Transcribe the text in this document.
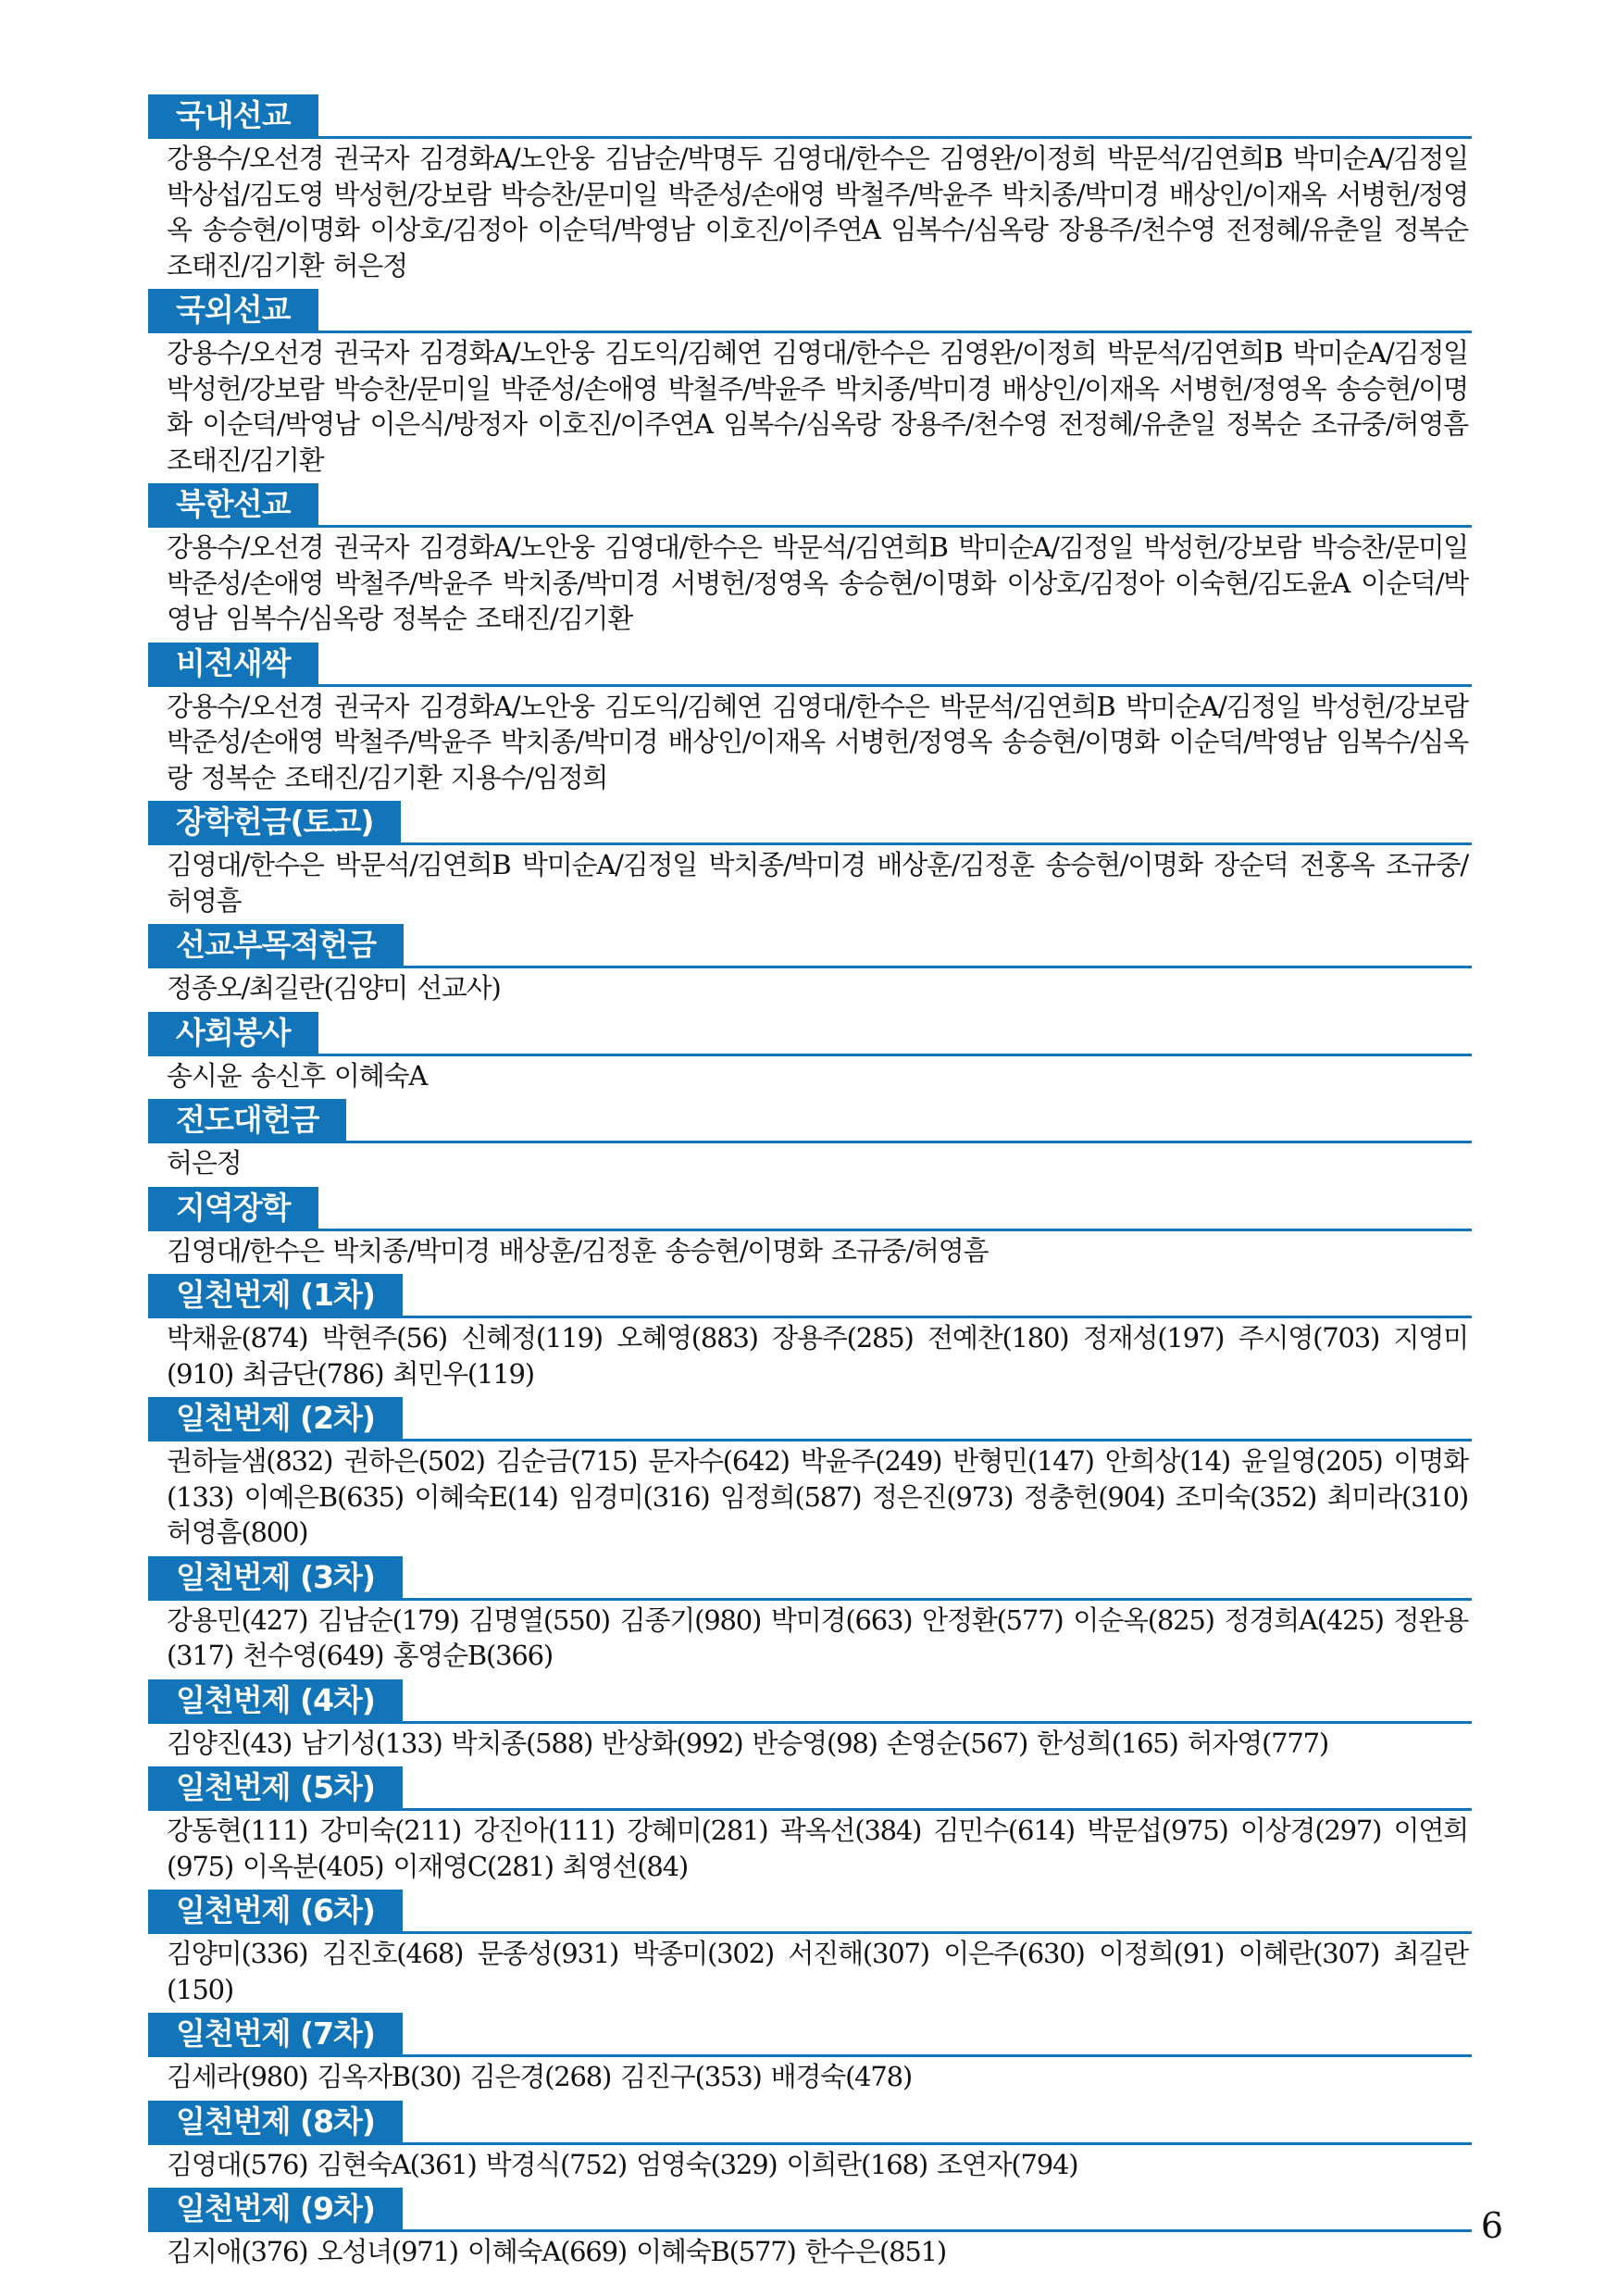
국내선교
강용수/오선경 권국자 김경화A/노안웅 김남순/박명두 김영대/한수은 김영완/이정희 박문석/김연희B 박미순A/김정일 박상섭/김도영 박성헌/강보람 박승찬/문미일 박준성/손애영 박철주/박윤주 박치종/박미경 배상인/이재옥 서병헌/정영옥 송승현/이명화 이상호/김정아 이순덕/박영남 이호진/이주연A 임복수/심옥랑 장용주/천수영 전정혜/유춘일 정복순 조태진/김기환 허은정
국외선교
강용수/오선경 권국자 김경화A/노안웅 김도익/김혜연 김영대/한수은 김영완/이정희 박문석/김연희B 박미순A/김정일 박성헌/강보람 박승찬/문미일 박준성/손애영 박철주/박윤주 박치종/박미경 배상인/이재옥 서병헌/정영옥 송승현/이명화 이순덕/박영남 이은식/방정자 이호진/이주연A 임복수/심옥랑 장용주/천수영 전정혜/유춘일 정복순 조규중/허영흠 조태진/김기환
북한선교
강용수/오선경 권국자 김경화A/노안웅 김영대/한수은 박문석/김연희B 박미순A/김정일 박성헌/강보람 박승찬/문미일 박준성/손애영 박철주/박윤주 박치종/박미경 서병헌/정영옥 송승현/이명화 이상호/김정아 이숙현/김도윤A 이순덕/박영남 임복수/심옥랑 정복순 조태진/김기환
비전새싹
강용수/오선경 권국자 김경화A/노안웅 김도익/김혜연 김영대/한수은 박문석/김연희B 박미순A/김정일 박성헌/강보람 박준성/손애영 박철주/박윤주 박치종/박미경 배상인/이재옥 서병헌/정영옥 송승현/이명화 이순덕/박영남 임복수/심옥랑 정복순 조태진/김기환 지용수/임정희
장학헌금(토고)
김영대/한수은 박문석/김연희B 박미순A/김정일 박치종/박미경 배상훈/김정훈 송승현/이명화 장순덕 전홍옥 조규중/허영흠
선교부목적헌금
정종오/최길란(김양미 선교사)
사회봉사
송시윤 송신후 이혜숙A
전도대헌금
허은정
지역장학
김영대/한수은 박치종/박미경 배상훈/김정훈 송승현/이명화 조규중/허영흠
일천번제 (1차)
박채윤(874) 박현주(56) 신혜정(119) 오혜영(883) 장용주(285) 전예찬(180) 정재성(197) 주시영(703) 지영미(910) 최금단(786) 최민우(119)
일천번제 (2차)
권하늘샘(832) 권하은(502) 김순금(715) 문자수(642) 박윤주(249) 반형민(147) 안희상(14) 윤일영(205) 이명화(133) 이예은B(635) 이혜숙E(14) 임경미(316) 임정희(587) 정은진(973) 정충헌(904) 조미숙(352) 최미라(310) 허영흠(800)
일천번제 (3차)
강용민(427) 김남순(179) 김명열(550) 김종기(980) 박미경(663) 안정환(577) 이순옥(825) 정경희A(425) 정완용(317) 천수영(649) 홍영순B(366)
일천번제 (4차)
김양진(43) 남기성(133) 박치종(588) 반상화(992) 반승영(98) 손영순(567) 한성희(165) 허자영(777)
일천번제 (5차)
강동현(111) 강미숙(211) 강진아(111) 강혜미(281) 곽옥선(384) 김민수(614) 박문섭(975) 이상경(297) 이연희(975) 이옥분(405) 이재영C(281) 최영선(84)
일천번제 (6차)
김양미(336) 김진호(468) 문종성(931) 박종미(302) 서진해(307) 이은주(630) 이정희(91) 이혜란(307) 최길란(150)
일천번제 (7차)
김세라(980) 김옥자B(30) 김은경(268) 김진구(353) 배경숙(478)
일천번제 (8차)
김영대(576) 김현숙A(361) 박경식(752) 엄영숙(329) 이희란(168) 조연자(794)
일천번제 (9차)
김지애(376) 오성녀(971) 이혜숙A(669) 이혜숙B(577) 한수은(851)
6
